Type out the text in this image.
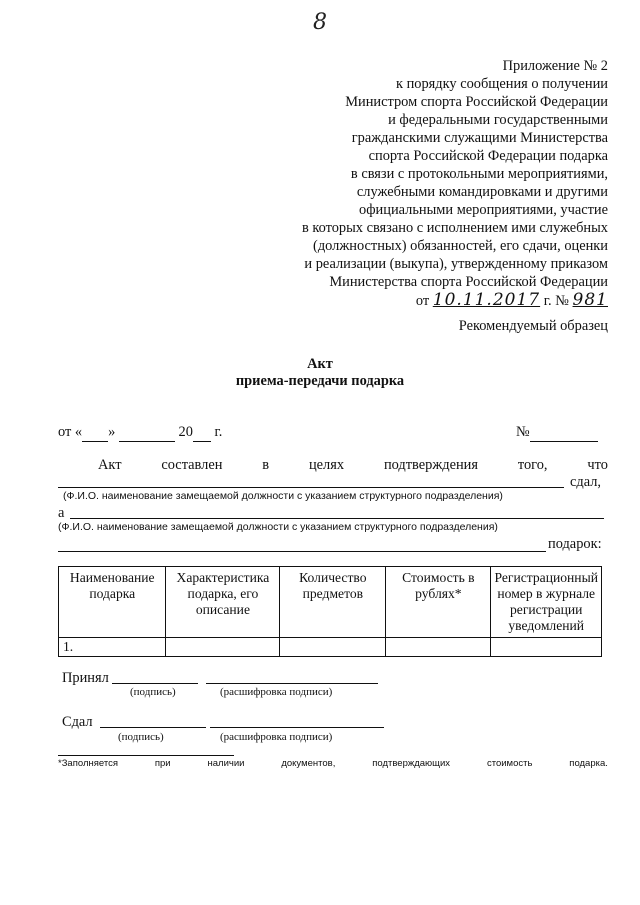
8
Приложение № 2
к порядку сообщения о получении
Министром спорта Российской Федерации
и федеральными государственными
гражданскими служащими Министерства
спорта Российской Федерации подарка
в связи с протокольными мероприятиями,
служебными командировками и другими
официальными мероприятиями, участие
в которых связано с исполнением ими служебных
(должностных) обязанностей, его сдачи, оценки
и реализации (выкупа), утвержденному приказом
Министерства спорта Российской Федерации
от 10.11.2017 г. № 981
Рекомендуемый образец
Акт
приема-передачи подарка
от « »	20 г.	№
Акт	составлен	в	целях	подтверждения	того,	что
сдал,
(Ф.И.О. наименование замещаемой должности с указанием структурного подразделения)
а
(Ф.И.О. наименование замещаемой должности с указанием структурного подразделения)
подарок:
Наименование подарка	Характеристика подарка, его описание	Количество предметов	Стоимость в рублях*	Регистрационный номер в журнале регистрации уведомлений
1.				
Принял
(подпись)	(расшифровка подписи)
Сдал
(подпись)	(расшифровка подписи)
*Заполняется	при	наличии	документов,	подтверждающих	стоимость	подарка.
